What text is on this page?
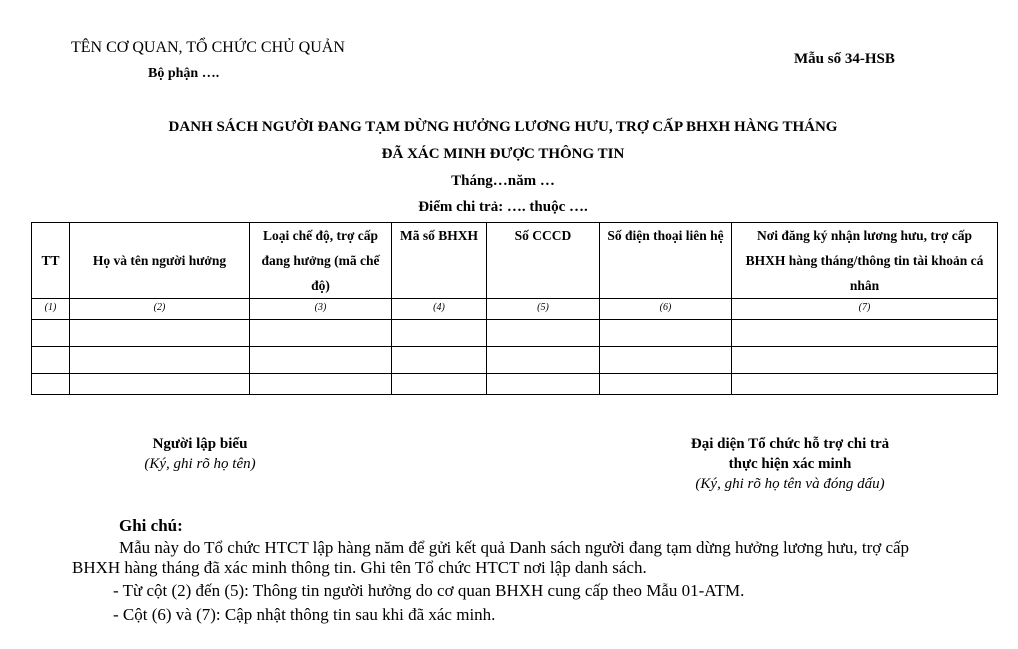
TÊN CƠ QUAN, TỔ CHỨC CHỦ QUẢN
Bộ phận ….
Mẫu số 34-HSB
DANH SÁCH NGƯỜI ĐANG TẠM DỪNG HƯỞNG LƯƠNG HƯU, TRỢ CẤP BHXH HÀNG THÁNG
ĐÃ XÁC MINH ĐƯỢC THÔNG TIN
Tháng…năm …
Điểm chi trả: …. thuộc ….
TT	Họ và tên người hưởng	Loại chế độ, trợ cấp đang hưởng (mã chế độ)	Mã số BHXH	Số CCCD	Số điện thoại liên hệ	Nơi đăng ký nhận lương hưu, trợ cấp BHXH hàng tháng/thông tin tài khoản cá nhân
(1)	(2)	(3)	(4)	(5)	(6)	(7)

Người lập biểu
(Ký, ghi rõ họ tên)
Đại diện Tổ chức hỗ trợ chi trả
thực hiện xác minh
(Ký, ghi rõ họ tên và đóng dấu)
Ghi chú:
Mẫu này do Tổ chức HTCT lập hàng năm để gửi kết quả Danh sách người đang tạm dừng hưởng lương hưu, trợ cấp BHXH hàng tháng đã xác minh thông tin. Ghi tên Tổ chức HTCT nơi lập danh sách.
- Từ cột (2) đến (5): Thông tin người hưởng do cơ quan BHXH cung cấp theo Mẫu 01-ATM.
- Cột (6) và (7): Cập nhật thông tin sau khi đã xác minh.
